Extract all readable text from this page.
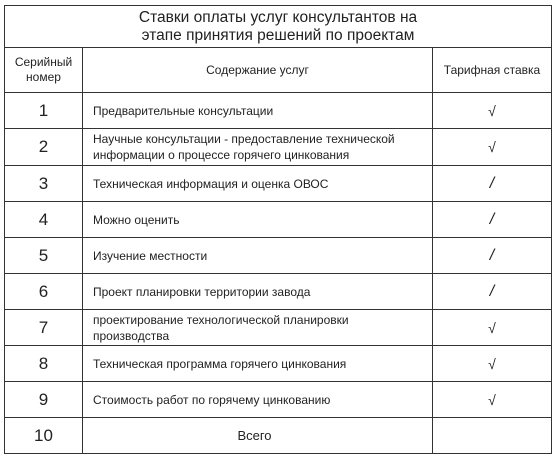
Ставки оплаты услуг консультантов на
этапе принятия решений по проектам		

Серийный номер	Содержание услуг	Тарифная ставка
1	Предварительные консультации	√
2	Научные консультации - предоставление технической информации о процессе горячего цинкования	√
3	Техническая информация и оценка ОВОС	/
4	Можно оценить	/
5	Изучение местности	/
6	Проект планировки территории завода	/
7	проектирование технологической планировки производства	√
8	Техническая программа горячего цинкования	√
9	Стоимость работ по горячему цинкованию	√
10	Всего	
